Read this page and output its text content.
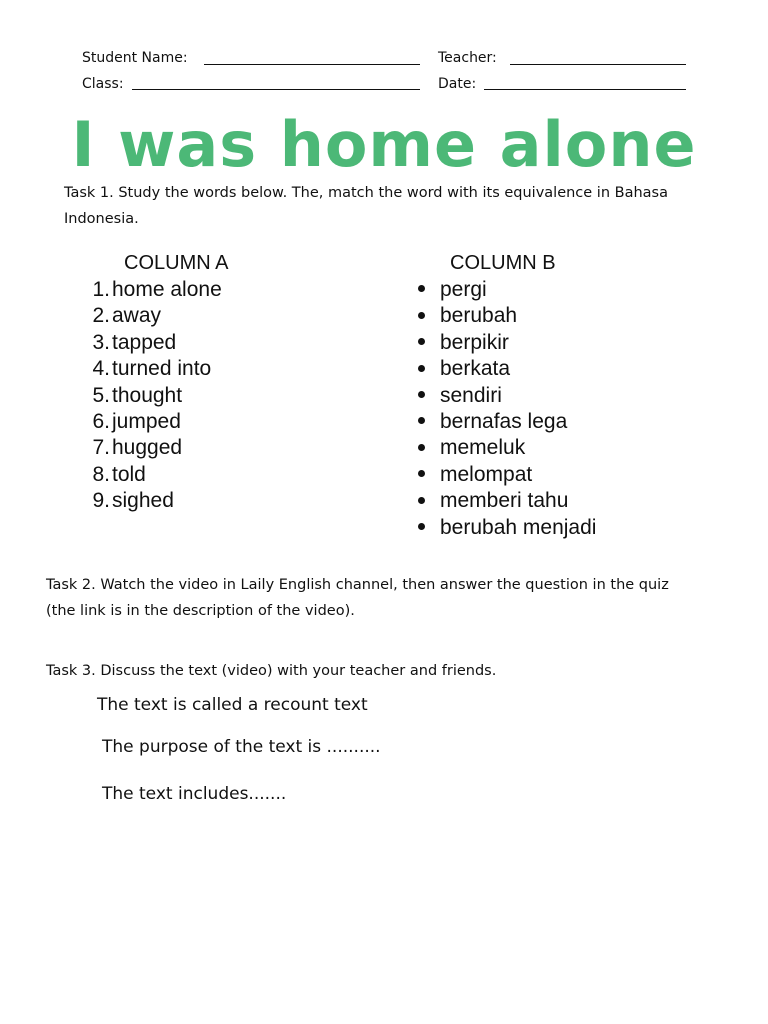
Student Name:	Teacher:
Class:	Date:
I was home alone
Task 1. Study the words below. The, match the word with its equivalence in Bahasa
Indonesia.
COLUMN A
1.home alone
2.away
3.tapped
4.turned into
5.thought
6.jumped
7.hugged
8.told
9.sighed
COLUMN B
pergi
berubah
berpikir
berkata
sendiri
bernafas lega
memeluk
melompat
memberi tahu
berubah menjadi
Task 2. Watch the video in Laily English channel, then answer the question in the quiz
(the link is in the description of the video).
Task 3. Discuss the text (video) with your teacher and friends.
The text is called a recount text
The purpose of the text is ..........
The text includes.......
